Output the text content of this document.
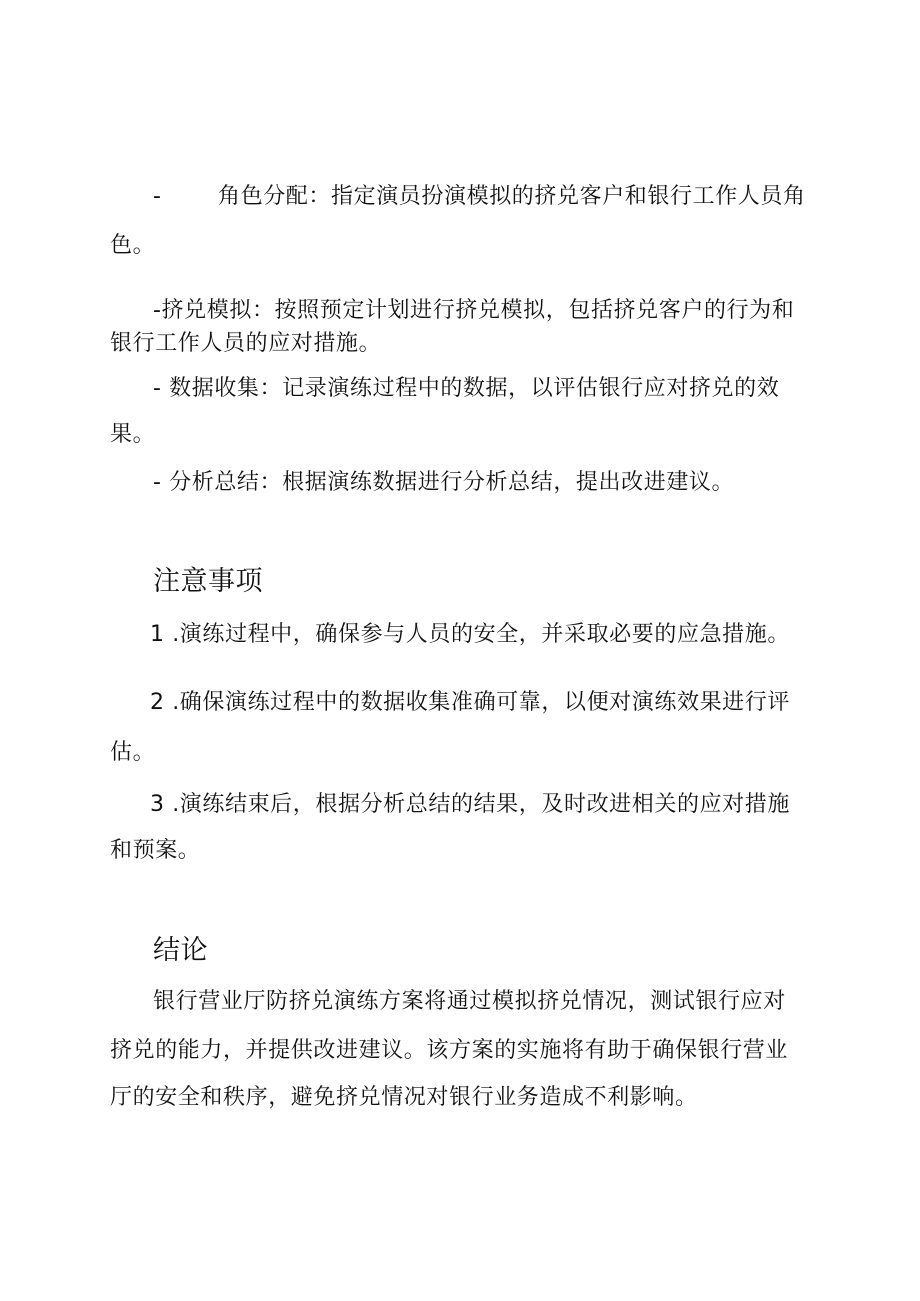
-	角色分配：指定演员扮演模拟的挤兑客户和银行工作人员角
色。
-挤兑模拟：按照预定计划进行挤兑模拟，包括挤兑客户的行为和
银行工作人员的应对措施。
- 数据收集：记录演练过程中的数据，以评估银行应对挤兑的效
果。
- 分析总结：根据演练数据进行分析总结，提出改进建议。
注意事项
1 .演练过程中，确保参与人员的安全，并采取必要的应急措施。
2 .确保演练过程中的数据收集准确可靠，以便对演练效果进行评
估。
3 .演练结束后，根据分析总结的结果，及时改进相关的应对措施
和预案。
结论
银行营业厅防挤兑演练方案将通过模拟挤兑情况，测试银行应对
挤兑的能力，并提供改进建议。该方案的实施将有助于确保银行营业
厅的安全和秩序，避免挤兑情况对银行业务造成不利影响。
